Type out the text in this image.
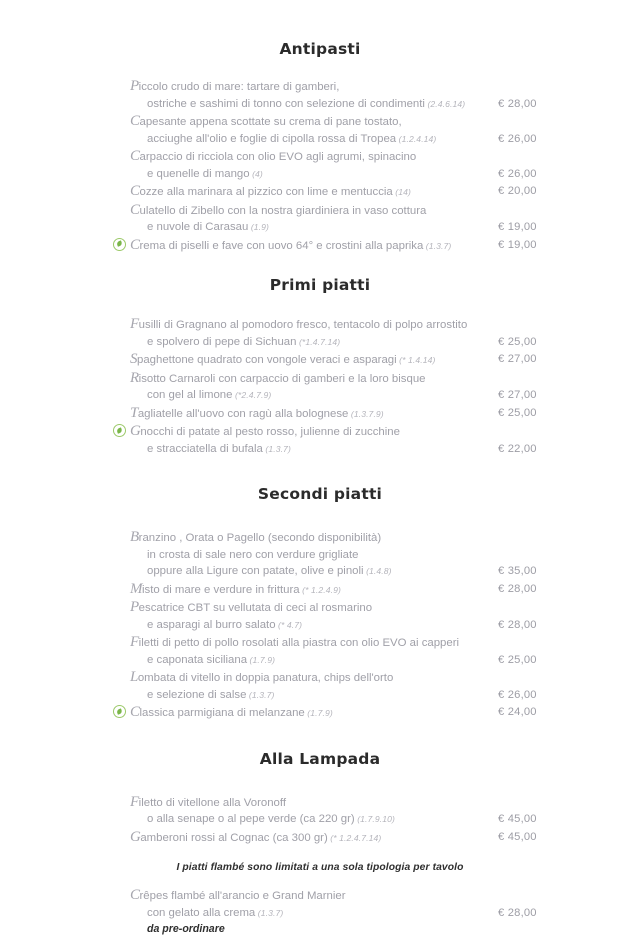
Antipasti
Piccolo crudo di mare: tartare di gamberi,
ostriche e sashimi di tonno con selezione di condimenti (2.4.6.14)	€ 28,00
Capesante appena scottate su crema di pane tostato,
acciughe all'olio e foglie di cipolla rossa di Tropea (1.2.4.14)	€ 26,00
Carpaccio di ricciola con olio EVO agli agrumi, spinacino
e quenelle di mango (4)	€ 26,00
Cozze alla marinara al pizzico con lime e mentuccia (14)	€ 20,00
Culatello di Zibello con la nostra giardiniera in vaso cottura
e nuvole di Carasau (1.9)	€ 19,00
Crema di piselli e fave con uovo 64° e crostini alla paprika (1.3.7)	€ 19,00
Primi piatti
Fusilli di Gragnano al pomodoro fresco, tentacolo di polpo arrostito
e spolvero di pepe di Sichuan (*1.4.7.14)	€ 25,00
Spaghettone quadrato con vongole veraci e asparagi (* 1.4.14)	€ 27,00
Risotto Carnaroli con carpaccio di gamberi e la loro bisque
con gel al limone (*2.4.7.9)	€ 27,00
Tagliatelle all'uovo con ragù alla bolognese (1.3.7.9)	€ 25,00
Gnocchi di patate al pesto rosso, julienne di zucchine
e stracciatella di bufala (1.3.7)	€ 22,00
Secondi piatti
Branzino , Orata o Pagello (secondo disponibilità)
in crosta di sale nero con verdure grigliate
oppure alla Ligure con patate, olive e pinoli (1.4.8)	€ 35,00
Misto di mare e verdure in frittura (* 1.2.4.9)	€ 28,00
Pescatrice CBT su vellutata di ceci al rosmarino
e asparagi al burro salato (* 4.7)	€ 28,00
Filetti di petto di pollo rosolati alla piastra con olio EVO ai capperi
e caponata siciliana (1.7.9)	€ 25,00
Lombata di vitello in doppia panatura, chips dell'orto
e selezione di salse (1.3.7)	€ 26,00
Classica parmigiana di melanzane (1.7.9)	€ 24,00
Alla Lampada
Filetto di vitellone alla Voronoff
o alla senape o al pepe verde (ca 220 gr) (1.7.9.10)	€ 45,00
Gamberoni rossi al Cognac (ca 300 gr) (* 1.2.4.7.14)	€ 45,00
I piatti flambé sono limitati a una sola tipologia per tavolo
Crêpes flambé all'arancio e Grand Marnier
con gelato alla crema (1.3.7)	€ 28,00
da pre-ordinare
